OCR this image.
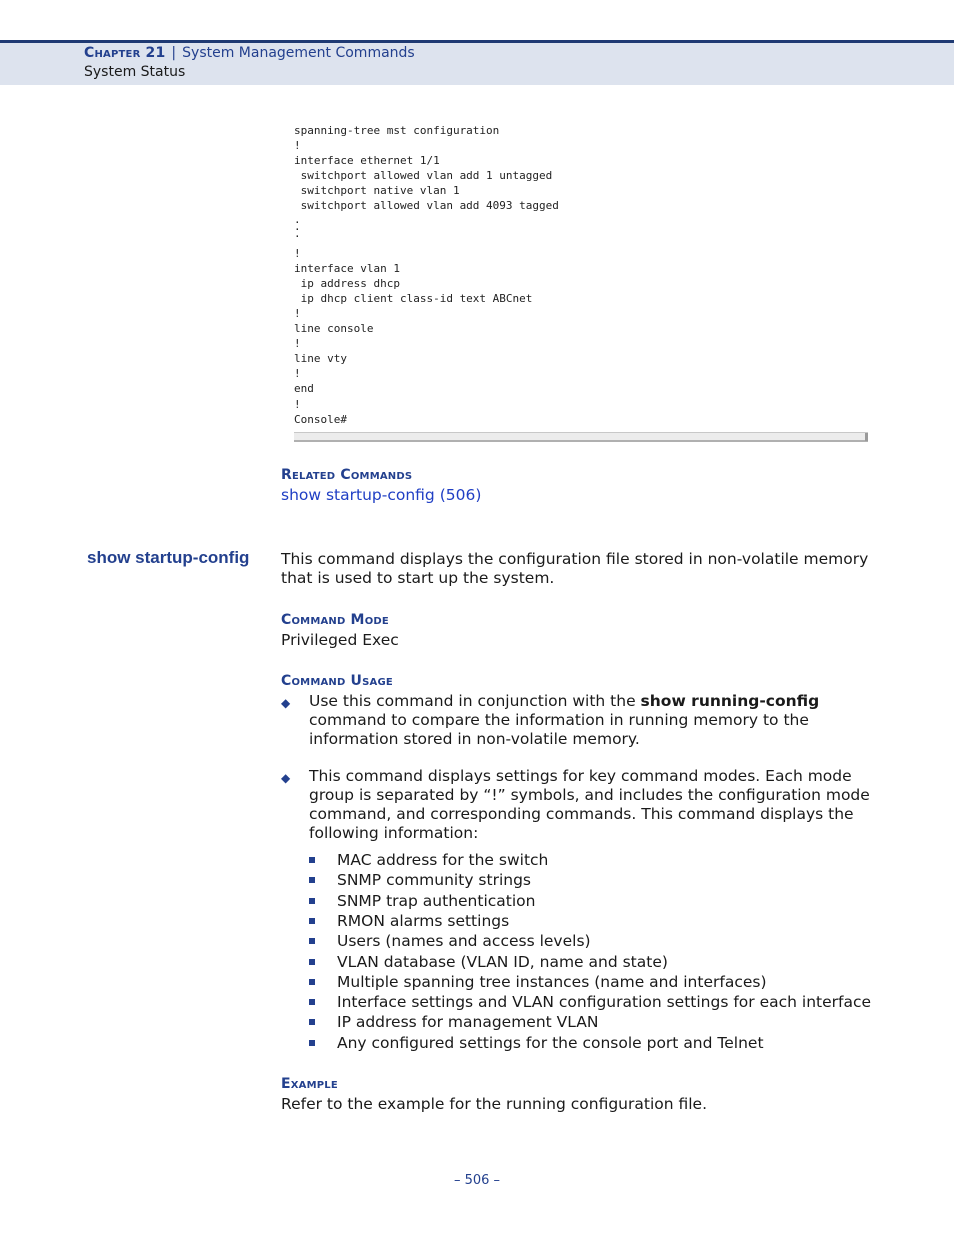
Chapter 21 | System Management Commands
System Status
spanning-tree mst configuration
!
interface ethernet 1/1
switchport allowed vlan add 1 untagged
switchport native vlan 1
switchport allowed vlan add 4093 tagged
.
.
.
!
interface vlan 1
ip address dhcp
ip dhcp client class-id text ABCnet
!
line console
!
line vty
!
end
!
Console#
Related Commands
show startup-config (506)
show startup-config This command displays the configuration file stored in non-volatile memory that is used to start up the system.
Command Mode
Privileged Exec
Command Usage
◆ Use this command in conjunction with the show running-config command to compare the information in running memory to the information stored in non-volatile memory.
◆ This command displays settings for key command modes. Each mode group is separated by “!” symbols, and includes the configuration mode command, and corresponding commands. This command displays the following information:
MAC address for the switch
SNMP community strings
SNMP trap authentication
RMON alarms settings
Users (names and access levels)
VLAN database (VLAN ID, name and state)
Multiple spanning tree instances (name and interfaces)
Interface settings and VLAN configuration settings for each interface
IP address for management VLAN
Any configured settings for the console port and Telnet
Example
Refer to the example for the running configuration file.
– 506 –
